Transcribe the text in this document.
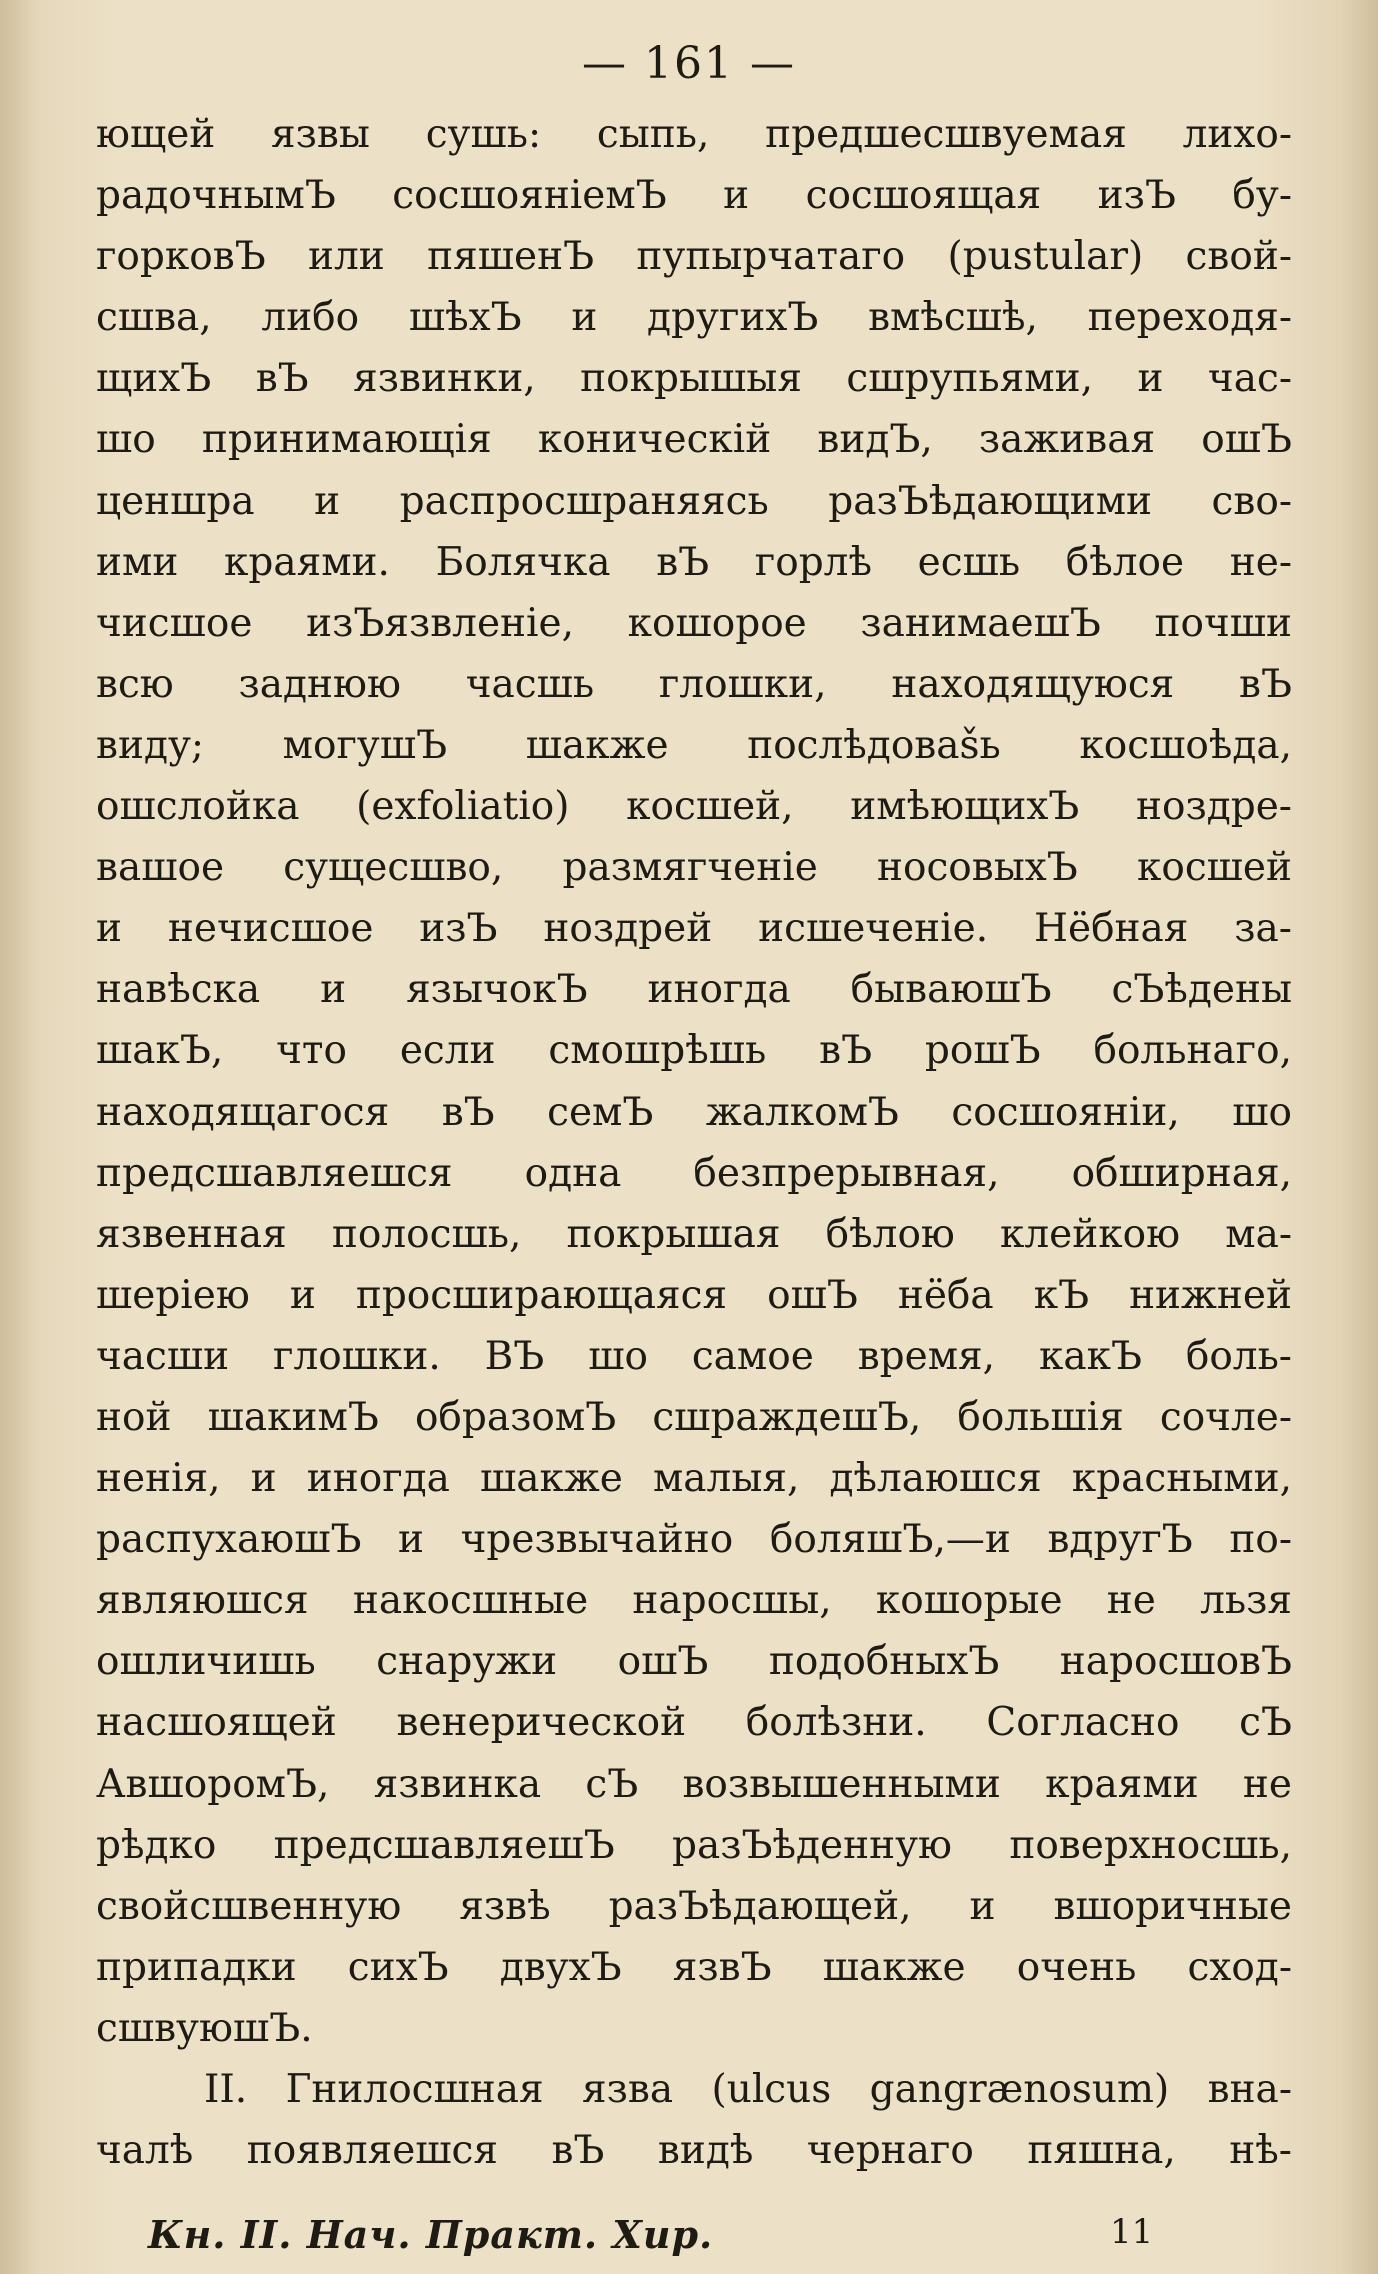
— 161 —
ющей язвы сушь: сыпь, предшесшвуемая лихо-
радочнымЪ сосшояніемЪ и сосшоящая изЪ бу-
горковЪ или пяшенЪ пупырчатаго (pustular) свой-
сшва, либо шѣхЪ и другихЪ вмѣсшѣ, переходя-
щихЪ вЪ язвинки, покрышыя сшрупьями, и час-
шо принимающія коническій видЪ, заживая ошЪ
ценшра и распросшраняясь разЪѣдающими сво-
ими краями. Болячка вЪ горлѣ есшь бѣлое не-
чисшое изЪязвленіе, кошорое занимаешЪ почши
всю заднюю часшь глошки, находящуюся вЪ
виду; могушЪ шакже послѣдоваšь косшоѣда,
ошслойка (exfoliatio) косшей, имѣющихЪ ноздре-
вашое сущесшво, размягченіе носовыхЪ косшей
и нечисшое изЪ ноздрей исшеченіе. Нёбная за-
навѣска и язычокЪ иногда бываюшЪ сЪѣдены
шакЪ, что если смошрѣшь вЪ рошЪ больнаго,
находящагося вЪ семЪ жалкомЪ сосшояніи, шо
предсшавляешся одна безпрерывная, обширная,
язвенная полосшь, покрышая бѣлою клейкою ма-
шеріею и просширающаяся ошЪ нёба кЪ нижней
часши глошки. ВЪ шо самое время, какЪ боль-
ной шакимЪ образомЪ сшраждешЪ, большія сочле-
ненія, и иногда шакже малыя, дѣлаюшся красными,
распухаюшЪ и чрезвычайно боляшЪ,—и вдругЪ по-
являюшся накосшные наросшы, кошорые не льзя
ошличишь снаружи ошЪ подобныхЪ наросшовЪ
насшоящей венерической болѣзни. Согласно сЪ
АвшоромЪ, язвинка сЪ возвышенными краями не
рѣдко предсшавляешЪ разЪѣденную поверхносшь,
свойсшвенную язвѣ разЪѣдающей, и вшоричные
припадки сихЪ двухЪ язвЪ шакже очень сход-
сшвуюшЪ.
II. Гнилосшная язва (ulcus gangrænosum) вна-
чалѣ появляешся вЪ видѣ чернаго пяшна, нѣ-
Кн. II. Нач. Практ. Хир.	11
